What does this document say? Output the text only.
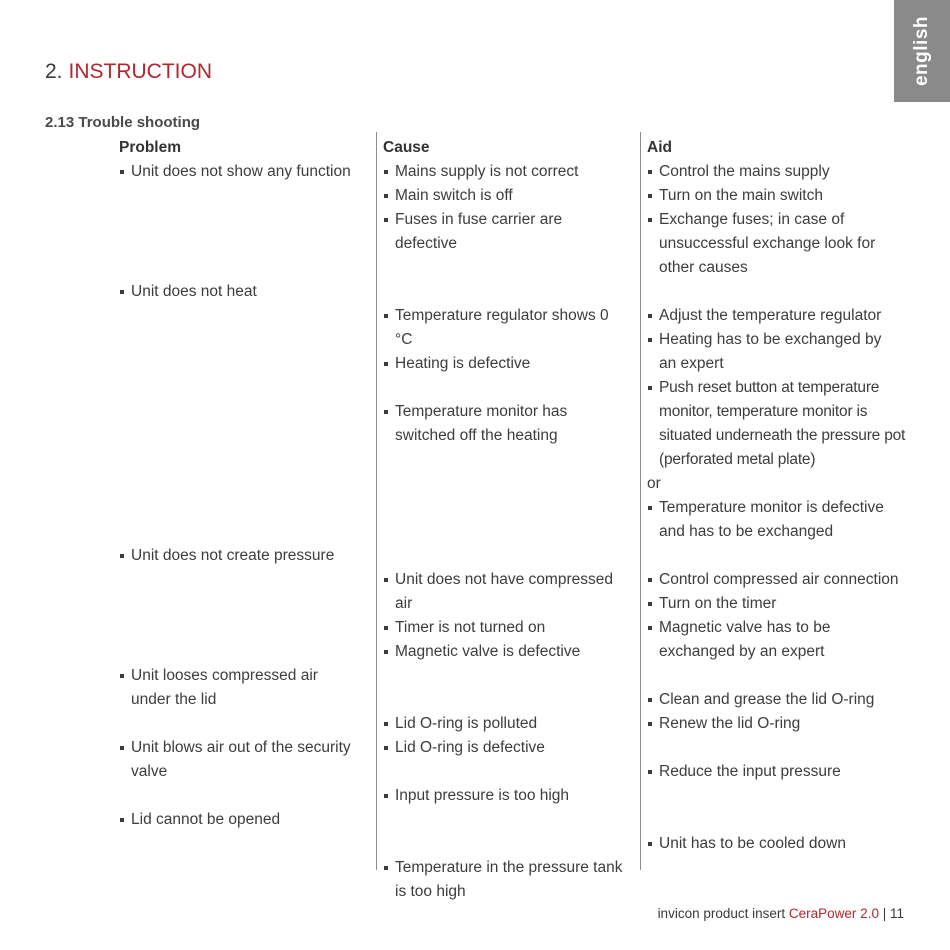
english
2. INSTRUCTION
2.13 Trouble shooting
Problem
Unit does not show any function
Unit does not heat
Unit does not create pressure
Unit looses compressed air under the lid
Unit blows air out of the security valve
Lid cannot be opened
Cause
Mains supply is not correct
Main switch is off
Fuses in fuse carrier are defective
Temperature regulator shows 0 °C
Heating is defective
Temperature monitor has switched off the heating
Unit does not have compressed air
Timer is not turned on
Magnetic valve is defective
Lid O-ring is polluted
Lid O-ring is defective
Input pressure is too high
Temperature in the pressure tank is too high
Aid
Control the mains supply
Turn on the main switch
Exchange fuses; in case of unsuccessful exchange look for other causes
Adjust the temperature regulator
Heating has to be exchanged by an expert
Push reset button at temperature monitor, temperature monitor is situated underneath the pressure pot (perforated metal plate)
or
Temperature monitor is defective and has to be exchanged
Control compressed air connection
Turn on the timer
Magnetic valve has to be exchanged by an expert
Clean and grease the lid O-ring
Renew the lid O-ring
Reduce the input pressure
Unit has to be cooled down
invicon product insert CeraPower 2.0 | 11
